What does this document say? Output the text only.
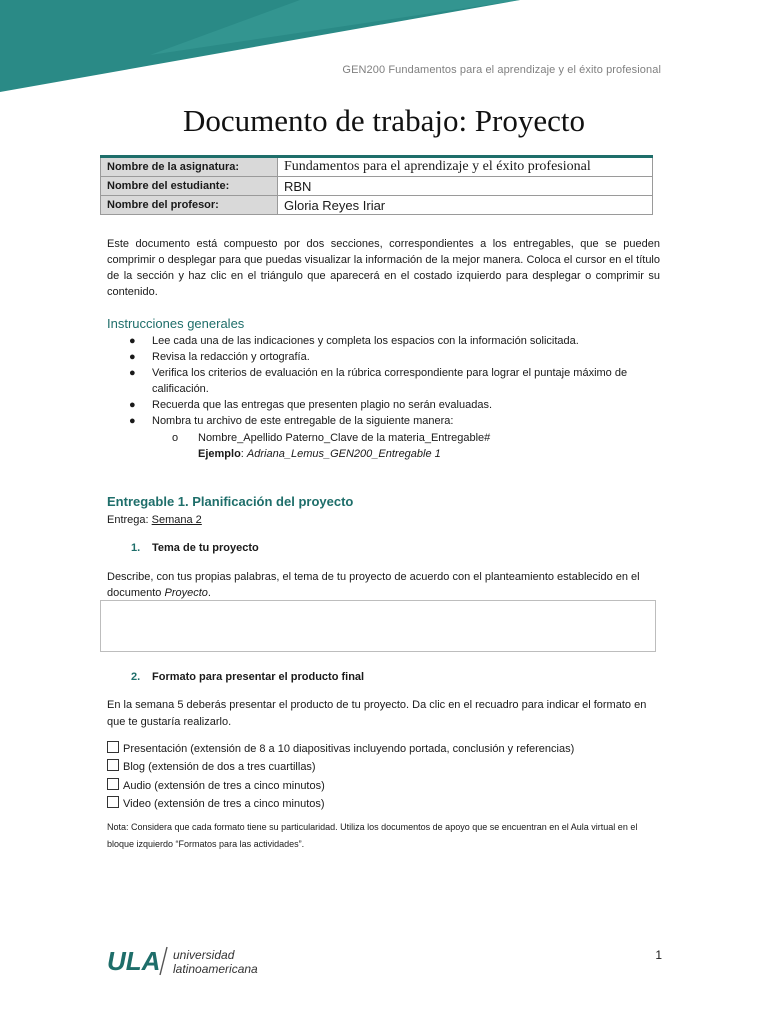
GEN200 Fundamentos para el aprendizaje y el éxito profesional
Documento de trabajo: Proyecto
Nombre de la asignatura:	Fundamentos para el aprendizaje y el éxito profesional
Nombre del estudiante:	RBN
Nombre del profesor:	Gloria Reyes Iriar
Este documento está compuesto por dos secciones, correspondientes a los entregables, que se pueden comprimir o desplegar para que puedas visualizar la información de la mejor manera. Coloca el cursor en el título de la sección y haz clic en el triángulo que aparecerá en el costado izquierdo para desplegar o comprimir su contenido.
Instrucciones generales
● Lee cada una de las indicaciones y completa los espacios con la información solicitada.
● Revisa la redacción y ortografía.
● Verifica los criterios de evaluación en la rúbrica correspondiente para lograr el puntaje máximo de calificación.
● Recuerda que las entregas que presenten plagio no serán evaluadas.
● Nombra tu archivo de este entregable de la siguiente manera:
o Nombre_Apellido Paterno_Clave de la materia_Entregable#
Ejemplo: Adriana_Lemus_GEN200_Entregable 1
Entregable 1. Planificación del proyecto
Entrega: Semana 2
1. Tema de tu proyecto
Describe, con tus propias palabras, el tema de tu proyecto de acuerdo con el planteamiento establecido en el documento Proyecto.
2. Formato para presentar el producto final
En la semana 5 deberás presentar el producto de tu proyecto. Da clic en el recuadro para indicar el formato en que te gustaría realizarlo.
Presentación (extensión de 8 a 10 diapositivas incluyendo portada, conclusión y referencias)
Blog (extensión de dos a tres cuartillas)
Audio (extensión de tres a cinco minutos)
Video (extensión de tres a cinco minutos)
Nota: Considera que cada formato tiene su particularidad. Utiliza los documentos de apoyo que se encuentran en el Aula virtual en el bloque izquierdo “Formatos para las actividades”.
ULA universidad
latinoamericana
1
